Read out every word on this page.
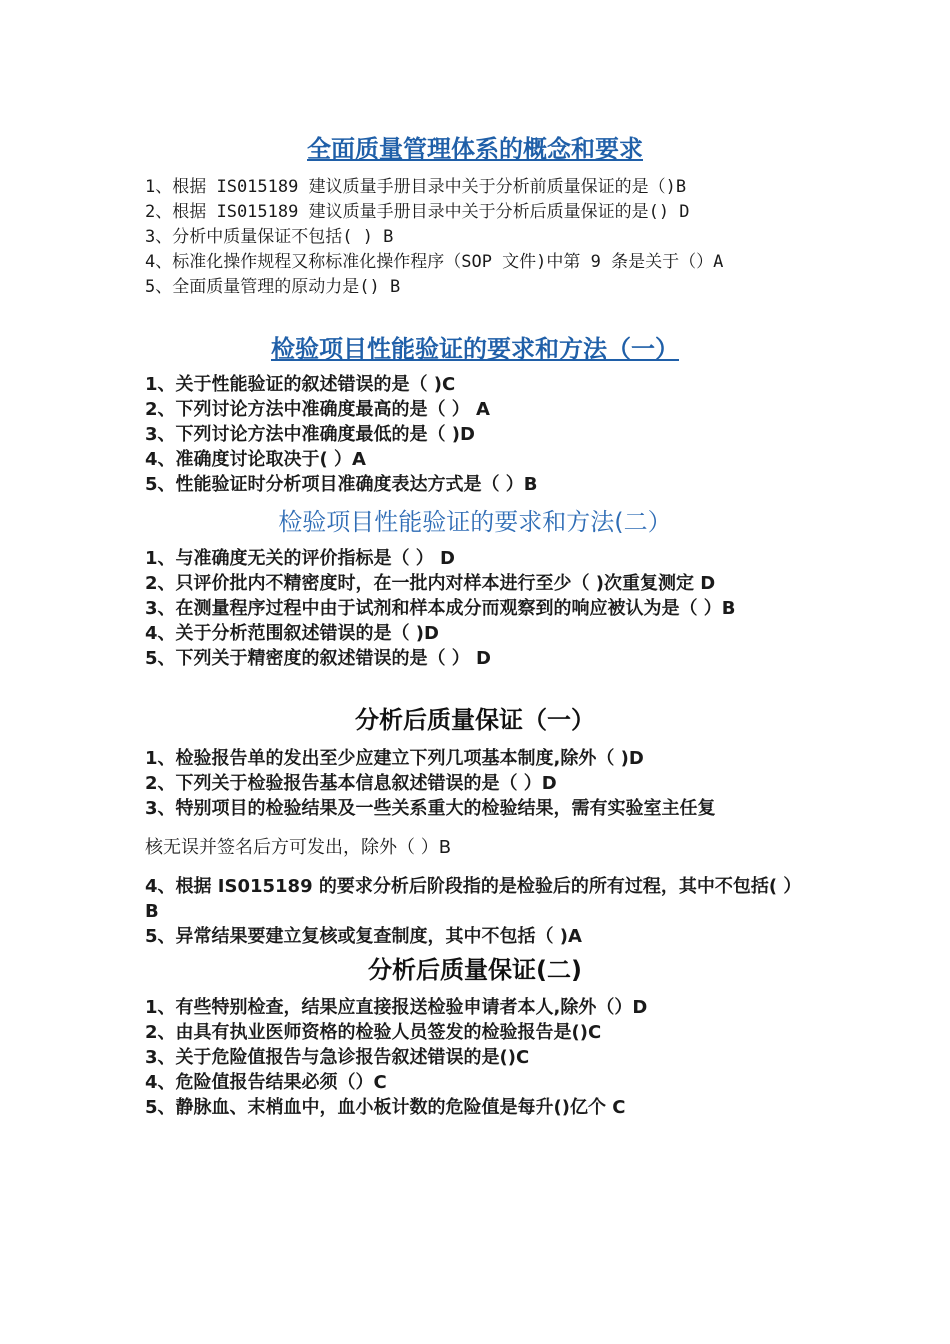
全面质量管理体系的概念和要求
1、根据 IS015189 建议质量手册目录中关于分析前质量保证的是（)B
2、根据 IS015189 建议质量手册目录中关于分析后质量保证的是() D
3、分析中质量保证不包括( ) B
4、标准化操作规程又称标准化操作程序（SOP 文件)中第 9 条是关于（）A
5、全面质量管理的原动力是() B
检验项目性能验证的要求和方法（一）
1、关于性能验证的叙述错误的是（ )C
2、下列讨论方法中准确度最高的是（ ） A
3、下列讨论方法中准确度最低的是（ )D
4、准确度讨论取决于( ）A
5、性能验证时分析项目准确度表达方式是（ ）B
检验项目性能验证的要求和方法(二）
1、与准确度无关的评价指标是（ ） D
2、只评价批内不精密度时，在一批内对样本进行至少（ )次重复测定 D
3、在测量程序过程中由于试剂和样本成分而观察到的响应被认为是（ ）B
4、关于分析范围叙述错误的是（ )D
5、下列关于精密度的叙述错误的是（ ） D
分析后质量保证（一）
1、检验报告单的发出至少应建立下列几项基本制度,除外（ )D
2、下列关于检验报告基本信息叙述错误的是（ ）D
3、特别项目的检验结果及一些关系重大的检验结果，需有实验室主任复
核无误并签名后方可发出，除外（ ）B
4、根据 IS015189 的要求分析后阶段指的是检验后的所有过程，其中不包括( ）B
5、异常结果要建立复核或复查制度，其中不包括（ )A
分析后质量保证(二)
1、有些特别检查，结果应直接报送检验申请者本人,除外（）D
2、由具有执业医师资格的检验人员签发的检验报告是()C
3、关于危险值报告与急诊报告叙述错误的是()C
4、危险值报告结果必须（）C
5、静脉血、末梢血中，血小板计数的危险值是每升()亿个 C
